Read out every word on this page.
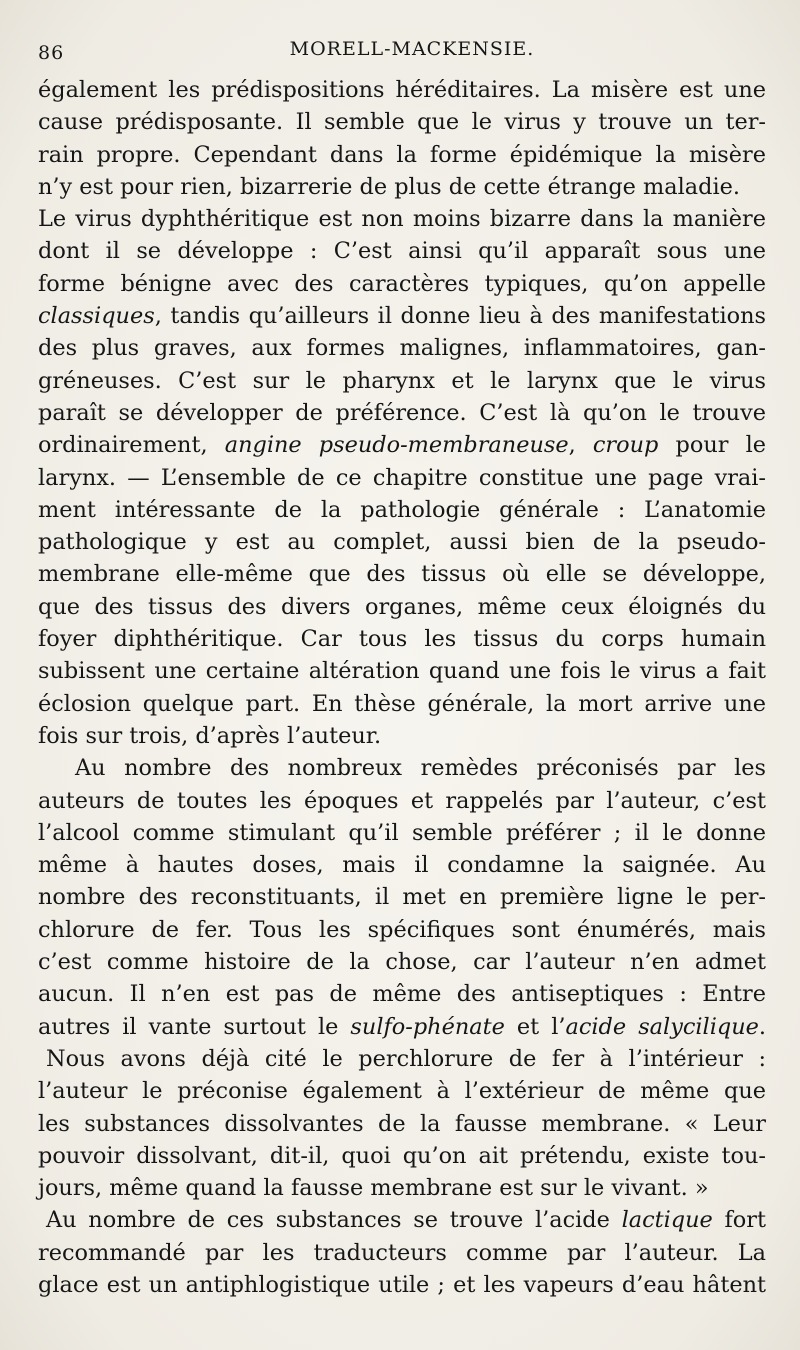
86	MORELL-MACKENSIE.
également les prédispositions héréditaires. La misère est une
cause prédisposante. Il semble que le virus y trouve un ter-
rain propre. Cependant dans la forme épidémique la misère
n’y est pour rien, bizarrerie de plus de cette étrange maladie.
Le virus dyphthéritique est non moins bizarre dans la manière
dont il se développe : C’est ainsi qu’il apparaît sous une
forme bénigne avec des caractères typiques, qu’on appelle
classiques, tandis qu’ailleurs il donne lieu à des manifestations
des plus graves, aux formes malignes, inflammatoires, gan-
gréneuses. C’est sur le pharynx et le larynx que le virus
paraît se développer de préférence. C’est là qu’on le trouve
ordinairement, angine pseudo-membraneuse, croup pour le
larynx. — L’ensemble de ce chapitre constitue une page vrai-
ment intéressante de la pathologie générale : L’anatomie
pathologique y est au complet, aussi bien de la pseudo-
membrane elle-même que des tissus où elle se développe,
que des tissus des divers organes, même ceux éloignés du
foyer diphthéritique. Car tous les tissus du corps humain
subissent une certaine altération quand une fois le virus a fait
éclosion quelque part. En thèse générale, la mort arrive une
fois sur trois, d’après l’auteur.
Au nombre des nombreux remèdes préconisés par les
auteurs de toutes les époques et rappelés par l’auteur, c’est
l’alcool comme stimulant qu’il semble préférer ; il le donne
même à hautes doses, mais il condamne la saignée. Au
nombre des reconstituants, il met en première ligne le per-
chlorure de fer. Tous les spécifiques sont énumérés, mais
c’est comme histoire de la chose, car l’auteur n’en admet
aucun. Il n’en est pas de même des antiseptiques : Entre
autres il vante surtout le sulfo-phénate et l’acide salycilique.
Nous avons déjà cité le perchlorure de fer à l’intérieur :
l’auteur le préconise également à l’extérieur de même que
les substances dissolvantes de la fausse membrane. « Leur
pouvoir dissolvant, dit-il, quoi qu’on ait prétendu, existe tou-
jours, même quand la fausse membrane est sur le vivant. »
Au nombre de ces substances se trouve l’acide lactique fort
recommandé par les traducteurs comme par l’auteur. La
glace est un antiphlogistique utile ; et les vapeurs d’eau hâtent
